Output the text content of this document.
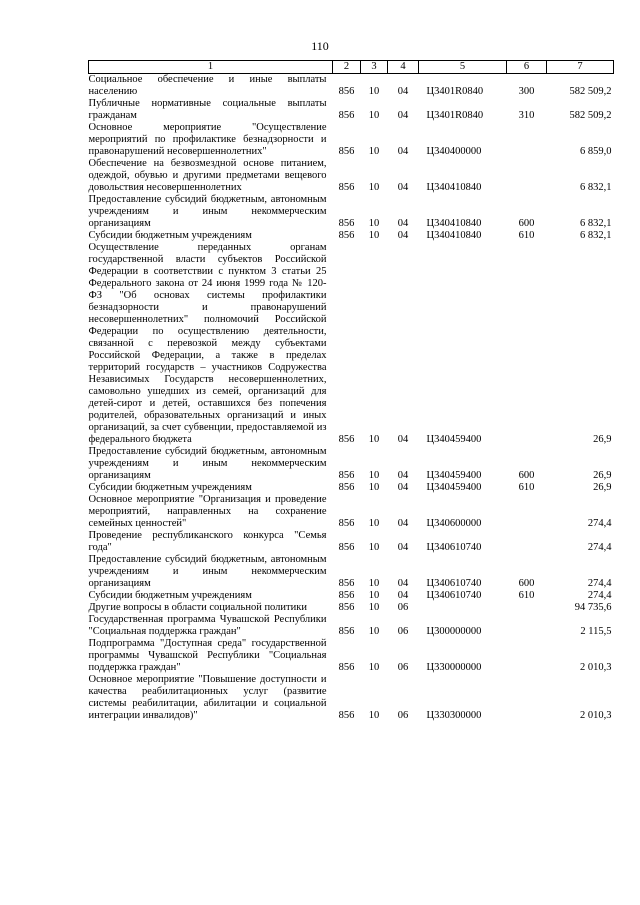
110
1	2	3	4	5	6	7
Социальное обеспечение и иные выплаты населению	856	10	04	Ц3401R0840	300	582 509,2
Публичные нормативные социальные выплаты гражданам	856	10	04	Ц3401R0840	310	582 509,2
Основное мероприятие "Осуществление мероприятий по профилактике безнадзорности и правонарушений несовершеннолетних"	856	10	04	Ц340400000		6 859,0
Обеспечение на безвозмездной основе питанием, одеждой, обувью и другими предметами вещевого довольствия несовершеннолетних	856	10	04	Ц340410840		6 832,1
Предоставление субсидий бюджетным, автономным учреждениям и иным некоммерческим организациям	856	10	04	Ц340410840	600	6 832,1
Субсидии бюджетным учреждениям	856	10	04	Ц340410840	610	6 832,1
Осуществление переданных органам государственной власти субъектов Российской Федерации в соответствии с пунктом 3 статьи 25 Федерального закона от 24 июня 1999 года № 120-ФЗ "Об основах системы профилактики безнадзорности и правонарушений несовершеннолетних" полномочий Российской Федерации по осуществлению деятельности, связанной с перевозкой между субъектами Российской Федерации, а также в пределах территорий государств – участников Содружества Независимых Государств несовершеннолетних, самовольно ушедших из семей, организаций для детей-сирот и детей, оставшихся без попечения родителей, образовательных организаций и иных организаций, за счет субвенции, предоставляемой из федерального бюджета	856	10	04	Ц340459400		26,9
Предоставление субсидий бюджетным, автономным учреждениям и иным некоммерческим организациям	856	10	04	Ц340459400	600	26,9
Субсидии бюджетным учреждениям	856	10	04	Ц340459400	610	26,9
Основное мероприятие "Организация и проведение мероприятий, направленных на сохранение семейных ценностей"	856	10	04	Ц340600000		274,4
Проведение республиканского конкурса "Семья года"	856	10	04	Ц340610740		274,4
Предоставление субсидий бюджетным, автономным учреждениям и иным некоммерческим организациям	856	10	04	Ц340610740	600	274,4
Субсидии бюджетным учреждениям	856	10	04	Ц340610740	610	274,4
Другие вопросы в области социальной политики	856	10	06			94 735,6
Государственная программа Чувашской Республики "Социальная поддержка граждан"	856	10	06	Ц300000000		2 115,5
Подпрограмма "Доступная среда" государственной программы Чувашской Республики "Социальная поддержка граждан"	856	10	06	Ц330000000		2 010,3
Основное мероприятие "Повышение доступности и качества реабилитационных услуг (развитие системы реабилитации, абилитации и социальной интеграции инвалидов)"	856	10	06	Ц330300000		2 010,3
